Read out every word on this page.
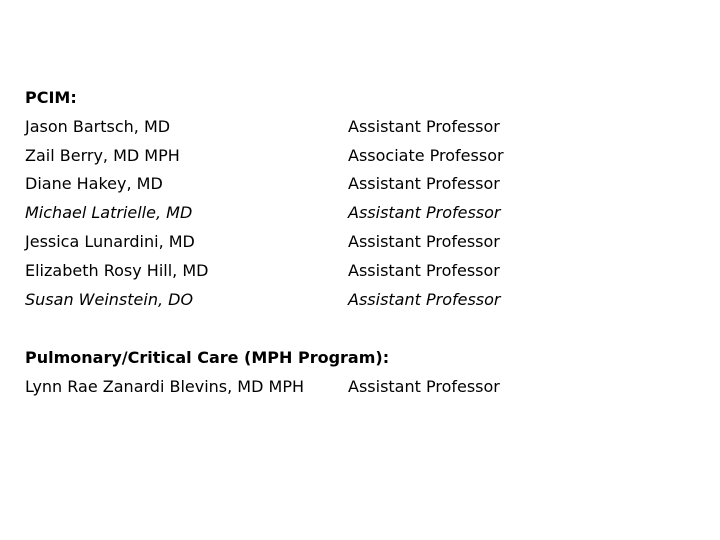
PCIM:
Jason Bartsch, MD	Assistant Professor
Zail Berry, MD MPH	Associate Professor
Diane Hakey, MD	Assistant Professor
Michael Latrielle, MD	Assistant Professor
Jessica Lunardini, MD	Assistant Professor
Elizabeth Rosy Hill, MD	Assistant Professor
Susan Weinstein, DO	Assistant Professor
Pulmonary/Critical Care (MPH Program):
Lynn Rae Zanardi Blevins, MD MPH	Assistant Professor
